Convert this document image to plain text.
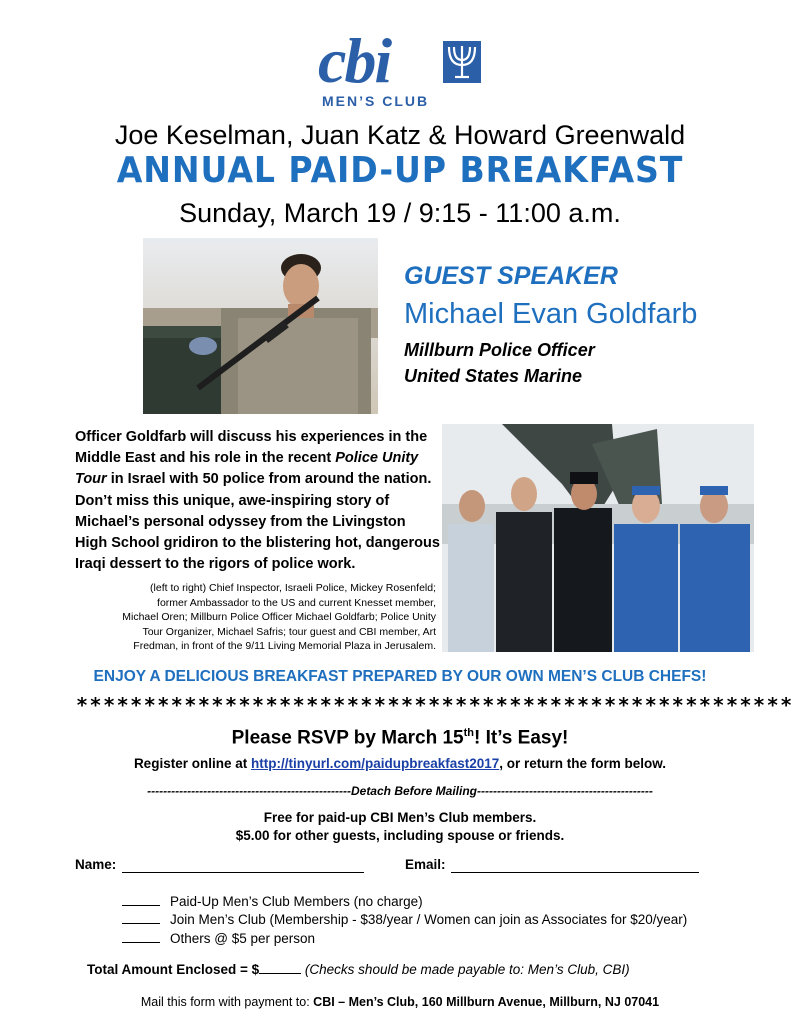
cbi
MEN’S CLUB
Joe Keselman, Juan Katz & Howard Greenwald
ANNUAL PAID-UP BREAKFAST
Sunday, March 19 / 9:15 - 11:00 a.m.
GUEST SPEAKER
Michael Evan Goldfarb
Millburn Police Officer
United States Marine
Officer Goldfarb will discuss his experiences in the Middle East and his role in the recent Police Unity Tour in Israel with 50 police from around the nation.
Don’t miss this unique, awe-inspiring story of Michael’s personal odyssey from the Livingston High School gridiron to the blistering hot, dangerous Iraqi dessert to the rigors of police work.
(left to right) Chief Inspector, Israeli Police, Mickey Rosenfeld; former Ambassador to the US and current Knesset member, Michael Oren; Millburn Police Officer Michael Goldfarb; Police Unity Tour Organizer, Michael Safris; tour guest and CBI member, Art Fredman, in front of the 9/11 Living Memorial Plaza in Jerusalem.
ENJOY A DELICIOUS BREAKFAST PREPARED BY OUR OWN MEN’S CLUB CHEFS!
*****************************************************
Please RSVP by March 15th! It’s Easy!
Register online at http://tinyurl.com/paidupbreakfast2017, or return the form below.
---------------------------------------------------Detach Before Mailing--------------------------------------------
Free for paid-up CBI Men’s Club members.
$5.00 for other guests, including spouse or friends.
Name:	Email:
Paid-Up Men’s Club Members (no charge)
Join Men’s Club (Membership - $38/year / Women can join as Associates for $20/year)
Others @ $5 per person
Total Amount Enclosed = $	(Checks should be made payable to: Men’s Club, CBI)
Mail this form with payment to: CBI – Men’s Club, 160 Millburn Avenue, Millburn, NJ 07041
